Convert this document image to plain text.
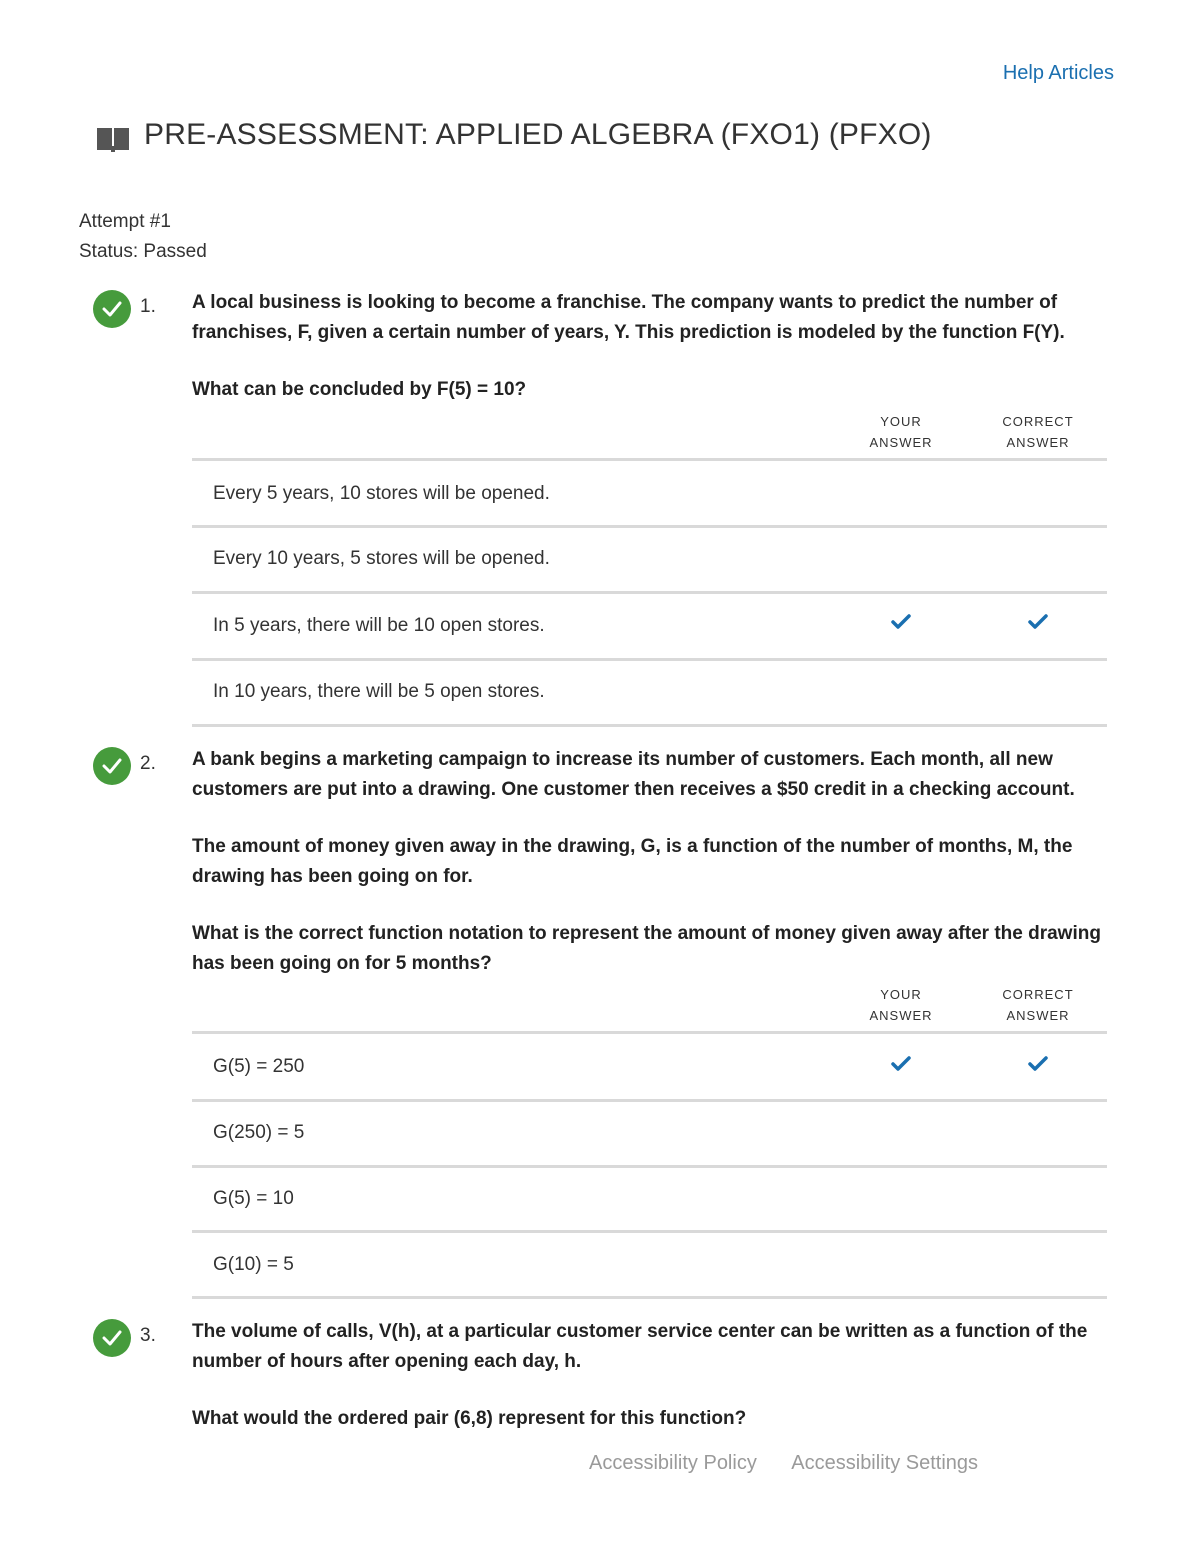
Help Articles
PRE-ASSESSMENT: APPLIED ALGEBRA (FXO1) (PFXO)
Attempt #1
Status: Passed
1. A local business is looking to become a franchise. The company wants to predict the number of franchises, F, given a certain number of years, Y. This prediction is modeled by the function F(Y).

What can be concluded by F(5) = 10?

YOUR
ANSWER
CORRECT
ANSWER
Every 5 years, 10 stores will be opened.
Every 10 years, 5 stores will be opened.
In 5 years, there will be 10 open stores.
In 10 years, there will be 5 open stores.
2. A bank begins a marketing campaign to increase its number of customers. Each month, all new customers are put into a drawing. One customer then receives a $50 credit in a checking account.

The amount of money given away in the drawing, G, is a function of the number of months, M, the drawing has been going on for.

What is the correct function notation to represent the amount of money given away after the drawing has been going on for 5 months?

YOUR
ANSWER
CORRECT
ANSWER
G(5) = 250
G(250) = 5
G(5) = 10
G(10) = 5
3. The volume of calls, V(h), at a particular customer service center can be written as a function of the number of hours after opening each day, h.

What would the ordered pair (6,8) represent for this function?

Accessibility Policy Accessibility Settings
